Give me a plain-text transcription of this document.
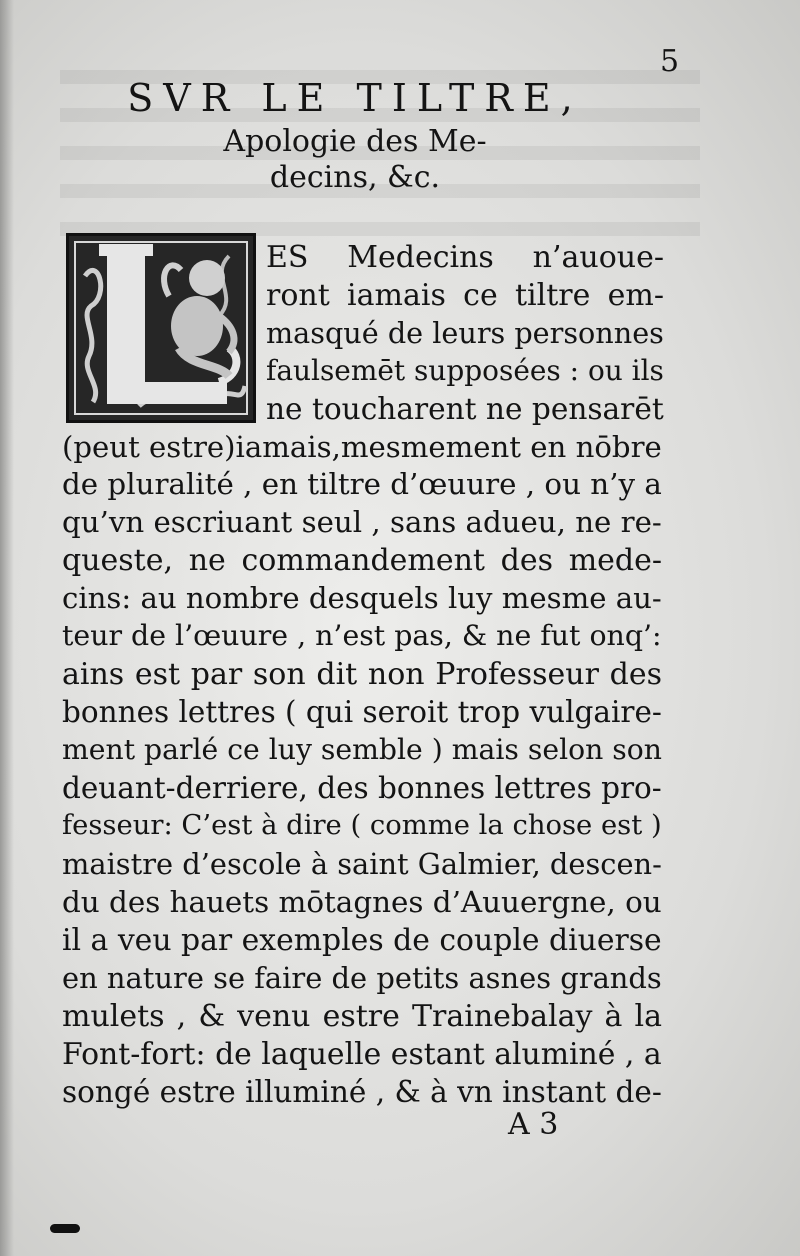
5
SVR LE TILTRE,
Apologie des Me-
decins, &c.
ES Medecins n’auoue-
ront iamais ce tiltre em-
masqué de leurs personnes
faulsemēt supposées : ou ils
ne toucharent ne pensarēt
(peut estre)iamais,mesmement en nōbre
de pluralité , en tiltre d’œuure , ou n’y a
qu’vn escriuant seul , sans adueu, ne re-
queste, ne commandement des mede-
cins: au nombre desquels luy mesme au-
teur de l’œuure , n’est pas, & ne fut onq’:
ains est par son dit non Professeur des
bonnes lettres ( qui seroit trop vulgaire-
ment parlé ce luy semble ) mais selon son
deuant-derriere, des bonnes lettres pro-
fesseur: C’est à dire ( comme la chose est )
maistre d’escole à saint Galmier, descen-
du des hauets mōtagnes d’Auuergne, ou
il a veu par exemples de couple diuerse
en nature se faire de petits asnes grands
mulets , & venu estre Trainebalay à la
Font-fort: de laquelle estant aluminé , a
songé estre illuminé , & à vn instant de-
A 3
